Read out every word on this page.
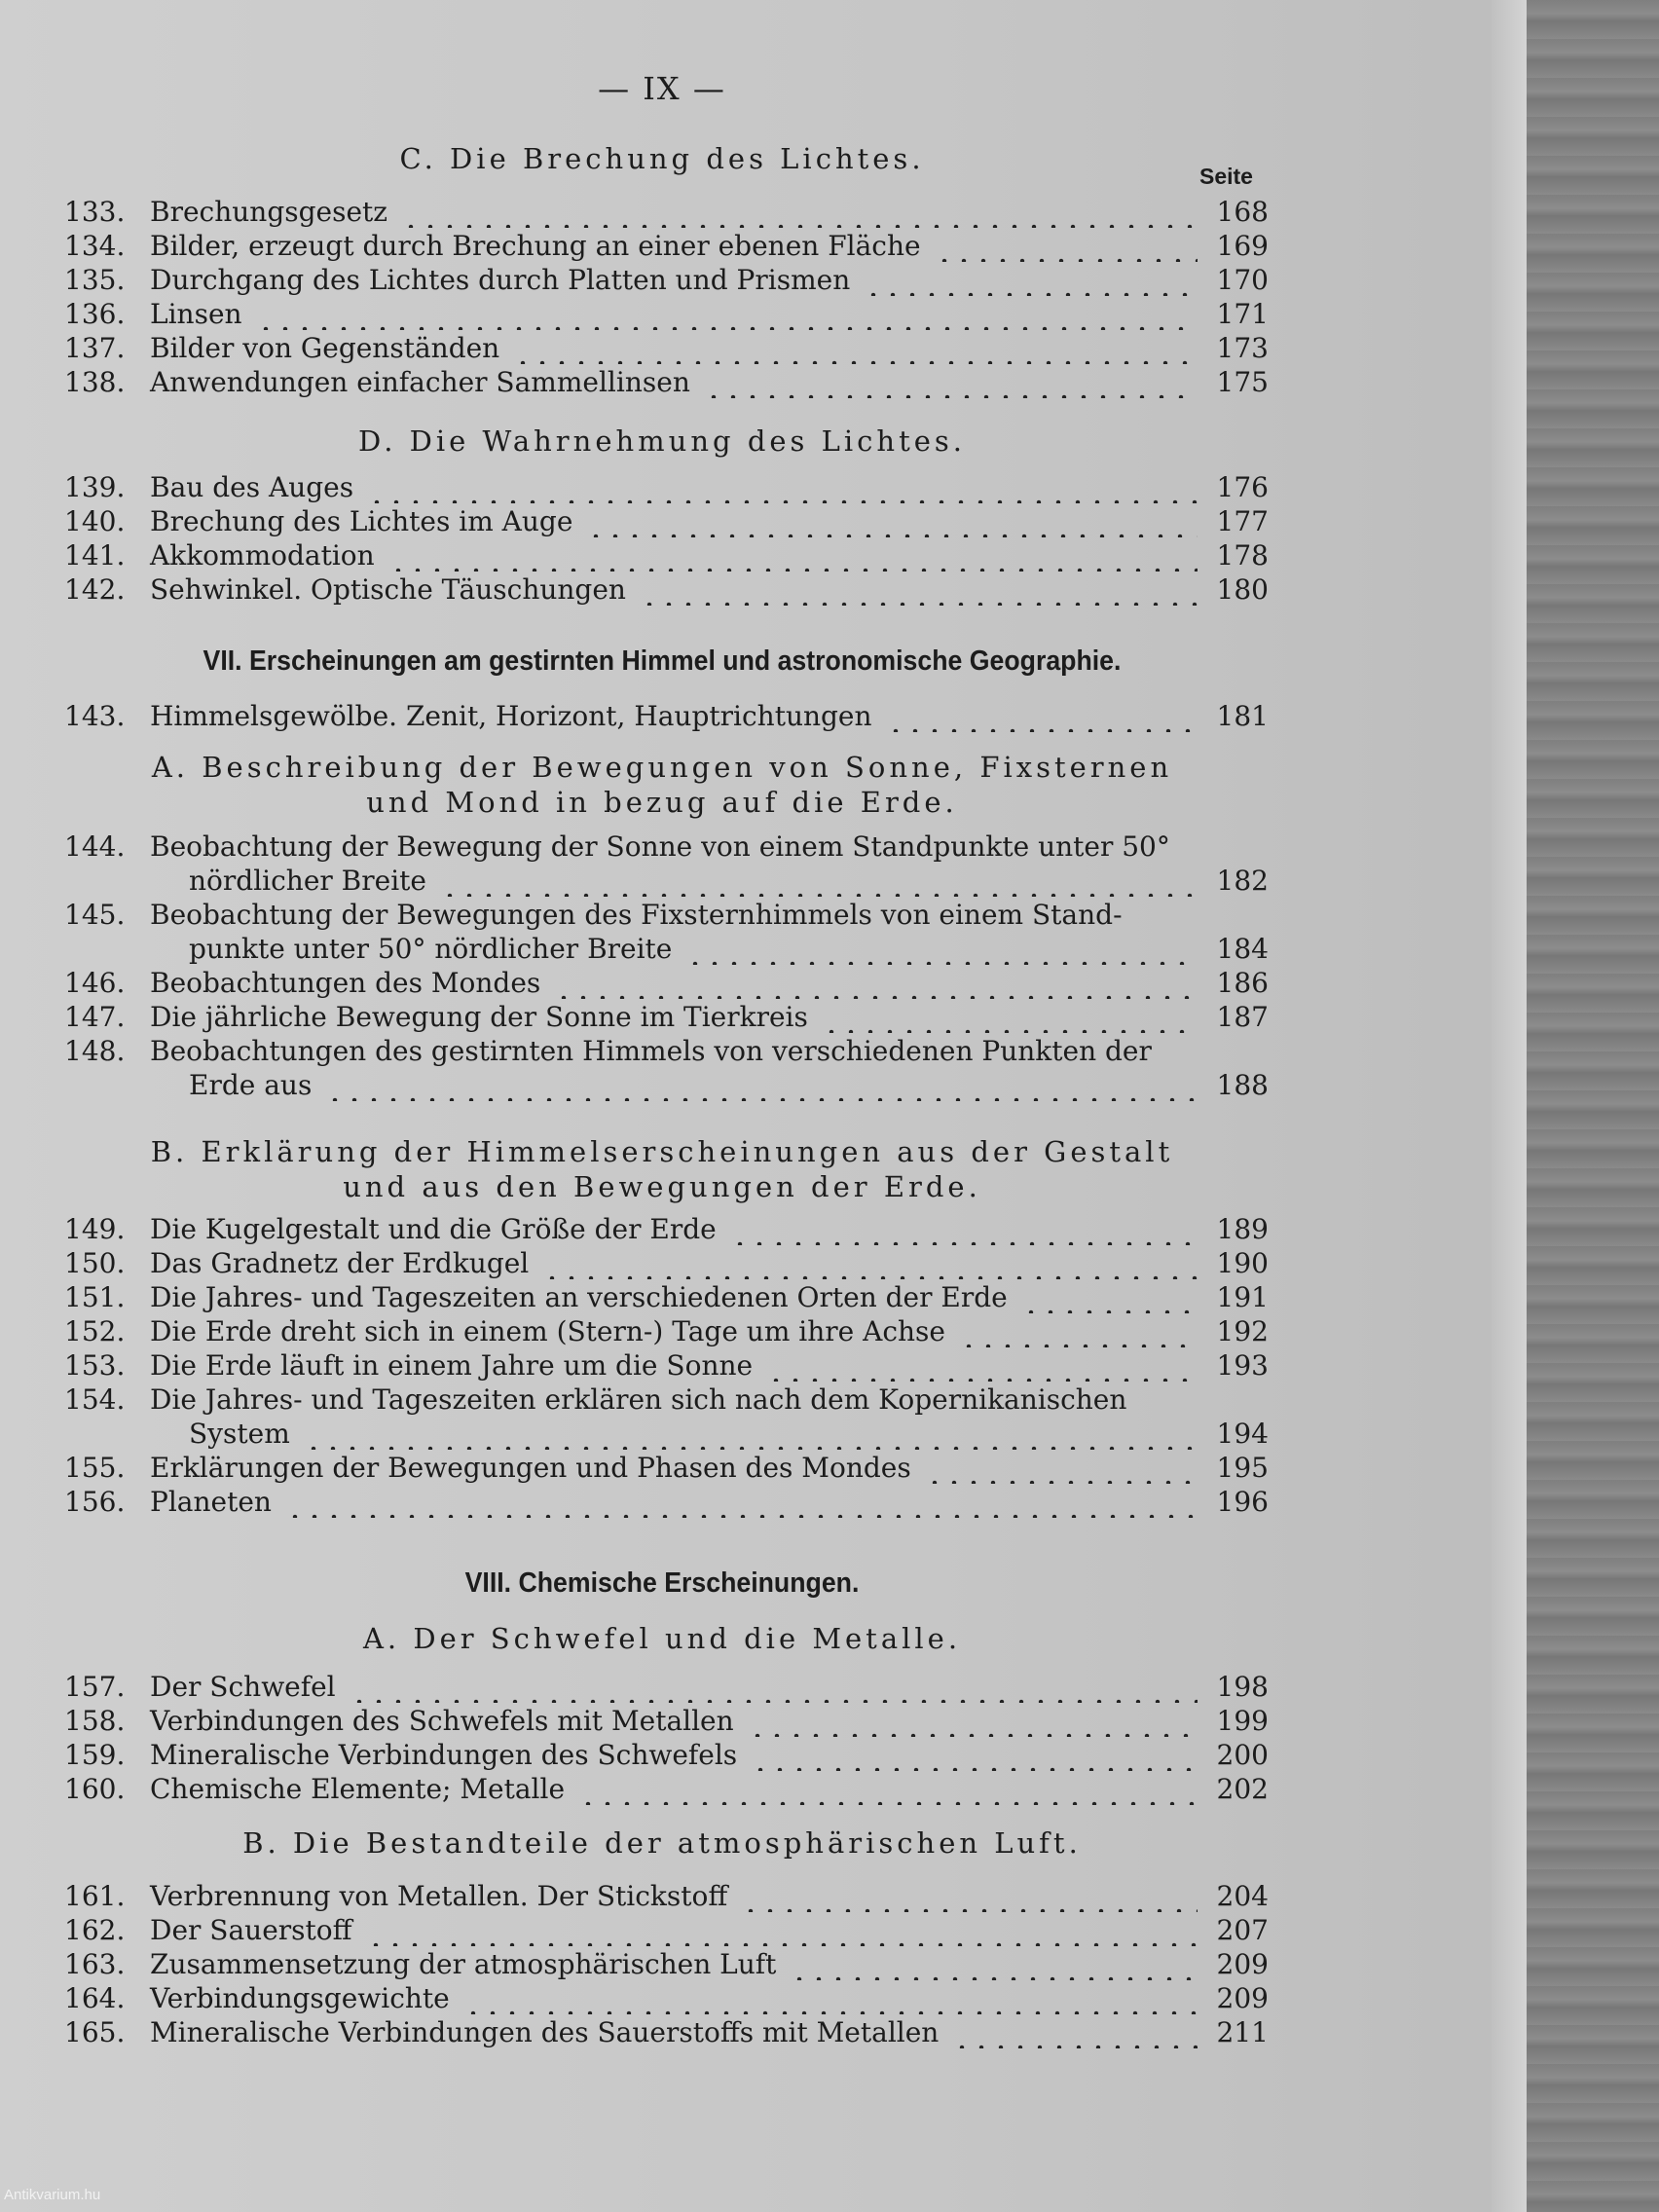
— IX —
Seite
C. Die Brechung des Lichtes.
133. Brechungsgesetz	168
134. Bilder, erzeugt durch Brechung an einer ebenen Fläche	169
135. Durchgang des Lichtes durch Platten und Prismen	170
136. Linsen	171
137. Bilder von Gegenständen	173
138. Anwendungen einfacher Sammellinsen	175
D. Die Wahrnehmung des Lichtes.
139. Bau des Auges	176
140. Brechung des Lichtes im Auge	177
141. Akkommodation	178
142. Sehwinkel. Optische Täuschungen	180
VII. Erscheinungen am gestirnten Himmel und astronomische Geographie.
143. Himmelsgewölbe. Zenit, Horizont, Hauptrichtungen	181
A. Beschreibung der Bewegungen von Sonne, Fixsternen
und Mond in bezug auf die Erde.
144. Beobachtung der Bewegung der Sonne von einem Standpunkte unter 50°
nördlicher Breite	182
145. Beobachtung der Bewegungen des Fixsternhimmels von einem Stand-
punkte unter 50° nördlicher Breite	184
146. Beobachtungen des Mondes	186
147. Die jährliche Bewegung der Sonne im Tierkreis	187
148. Beobachtungen des gestirnten Himmels von verschiedenen Punkten der
Erde aus	188
B. Erklärung der Himmelserscheinungen aus der Gestalt
und aus den Bewegungen der Erde.
149. Die Kugelgestalt und die Größe der Erde	189
150. Das Gradnetz der Erdkugel	190
151. Die Jahres- und Tageszeiten an verschiedenen Orten der Erde	191
152. Die Erde dreht sich in einem (Stern-) Tage um ihre Achse	192
153. Die Erde läuft in einem Jahre um die Sonne	193
154. Die Jahres- und Tageszeiten erklären sich nach dem Kopernikanischen
System	194
155. Erklärungen der Bewegungen und Phasen des Mondes	195
156. Planeten	196
VIII. Chemische Erscheinungen.
A. Der Schwefel und die Metalle.
157. Der Schwefel	198
158. Verbindungen des Schwefels mit Metallen	199
159. Mineralische Verbindungen des Schwefels	200
160. Chemische Elemente; Metalle	202
B. Die Bestandteile der atmosphärischen Luft.
161. Verbrennung von Metallen. Der Stickstoff	204
162. Der Sauerstoff	207
163. Zusammensetzung der atmosphärischen Luft	209
164. Verbindungsgewichte	209
165. Mineralische Verbindungen des Sauerstoffs mit Metallen	211
Antikvarium.hu
